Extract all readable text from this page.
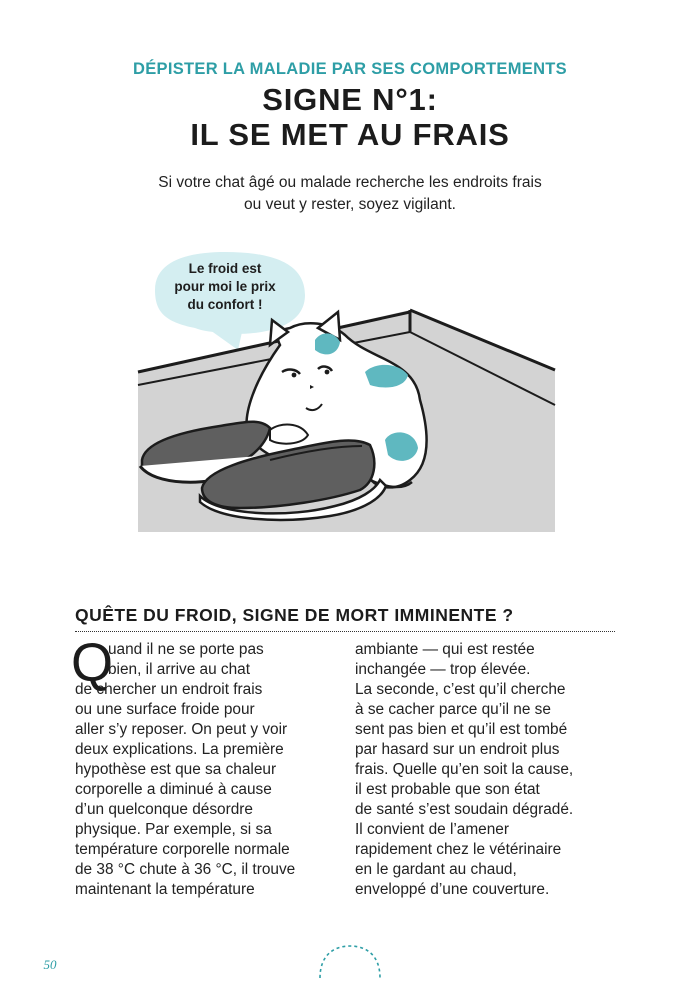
DÉPISTER LA MALADIE PAR SES COMPORTEMENTS
SIGNE N°1:
IL SE MET AU FRAIS
Si votre chat âgé ou malade recherche les endroits frais
ou veut y rester, soyez vigilant.
Le froid est
pour moi le prix
du confort !
QUÊTE DU FROID, SIGNE DE MORT IMMINENTE ?
Q
uand il ne se porte pas
bien, il arrive au chat
de chercher un endroit frais
ou une surface froide pour
aller s’y reposer. On peut y voir
deux explications. La première
hypothèse est que sa chaleur
corporelle a diminué à cause
d’un quelconque désordre
physique. Par exemple, si sa
température corporelle normale
de 38 °C chute à 36 °C, il trouve
maintenant la température
ambiante — qui est restée
inchangée — trop élevée.
La seconde, c’est qu’il cherche
à se cacher parce qu’il ne se
sent pas bien et qu’il est tombé
par hasard sur un endroit plus
frais. Quelle qu’en soit la cause,
il est probable que son état
de santé s’est soudain dégradé.
Il convient de l’amener
rapidement chez le vétérinaire
en le gardant au chaud,
enveloppé d’une couverture.
50
